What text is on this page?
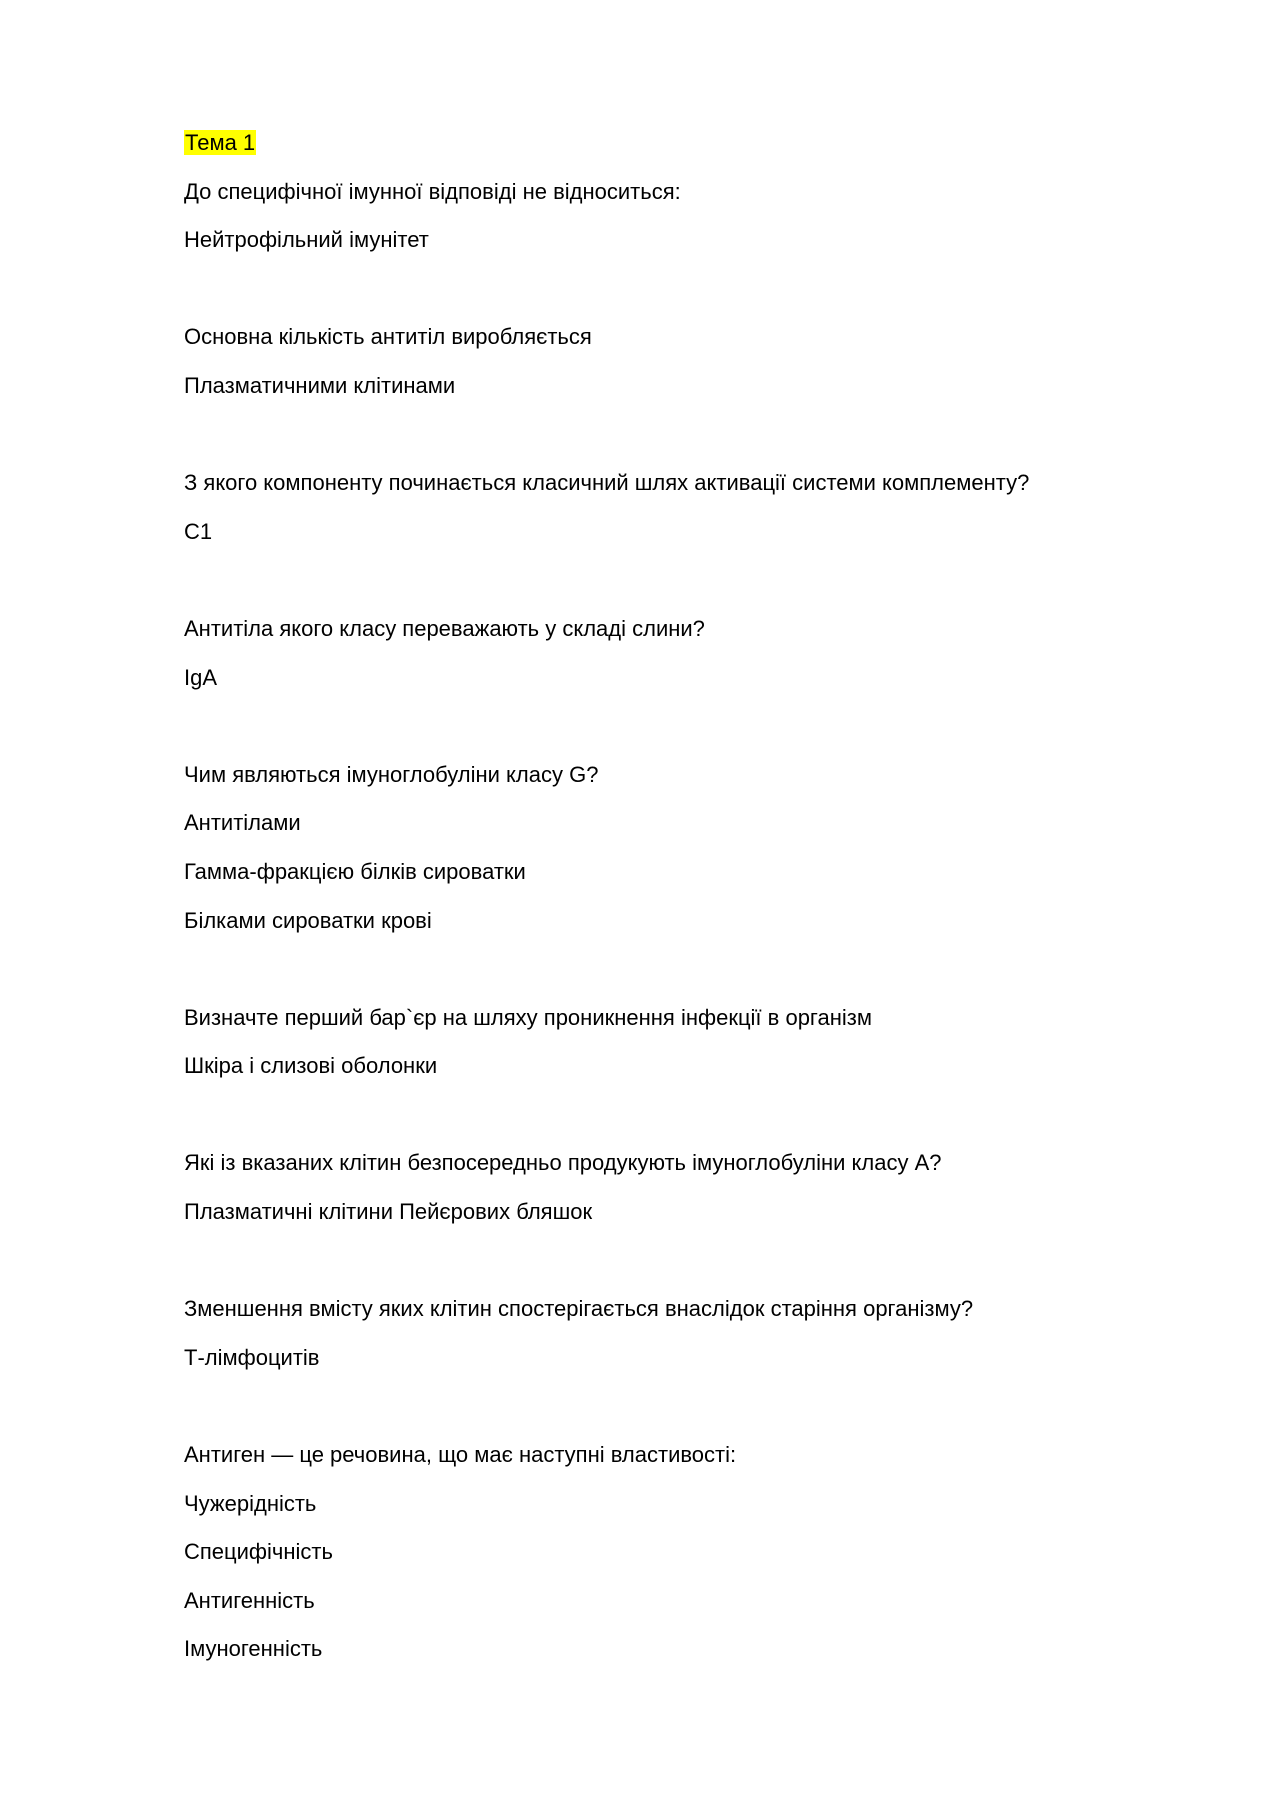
Тема 1
До специфічної імунної відповіді не відноситься:
Нейтрофільний імунітет
Основна кількість антитіл виробляється
Плазматичними клітинами
З якого компоненту починається класичний шлях активації системи комплементу?
С1
Антитіла якого класу переважають у складі слини?
IgA
Чим являються імуноглобуліни класу G?
Антитілами
Гамма-фракцією білків сироватки
Білками сироватки крові
Визначте перший бар`єр на шляху проникнення інфекції в організм
Шкіра і слизові оболонки
Які із вказаних клітин безпосередньо продукують імуноглобуліни класу А?
Плазматичні клітини Пейєрових бляшок
Зменшення вмісту яких клітин спостерігається внаслідок старіння організму?
Т-лімфоцитів
Антиген — це речовина, що має наступні властивості:
Чужерідність
Специфічність
Антигенність
Імуногенність
